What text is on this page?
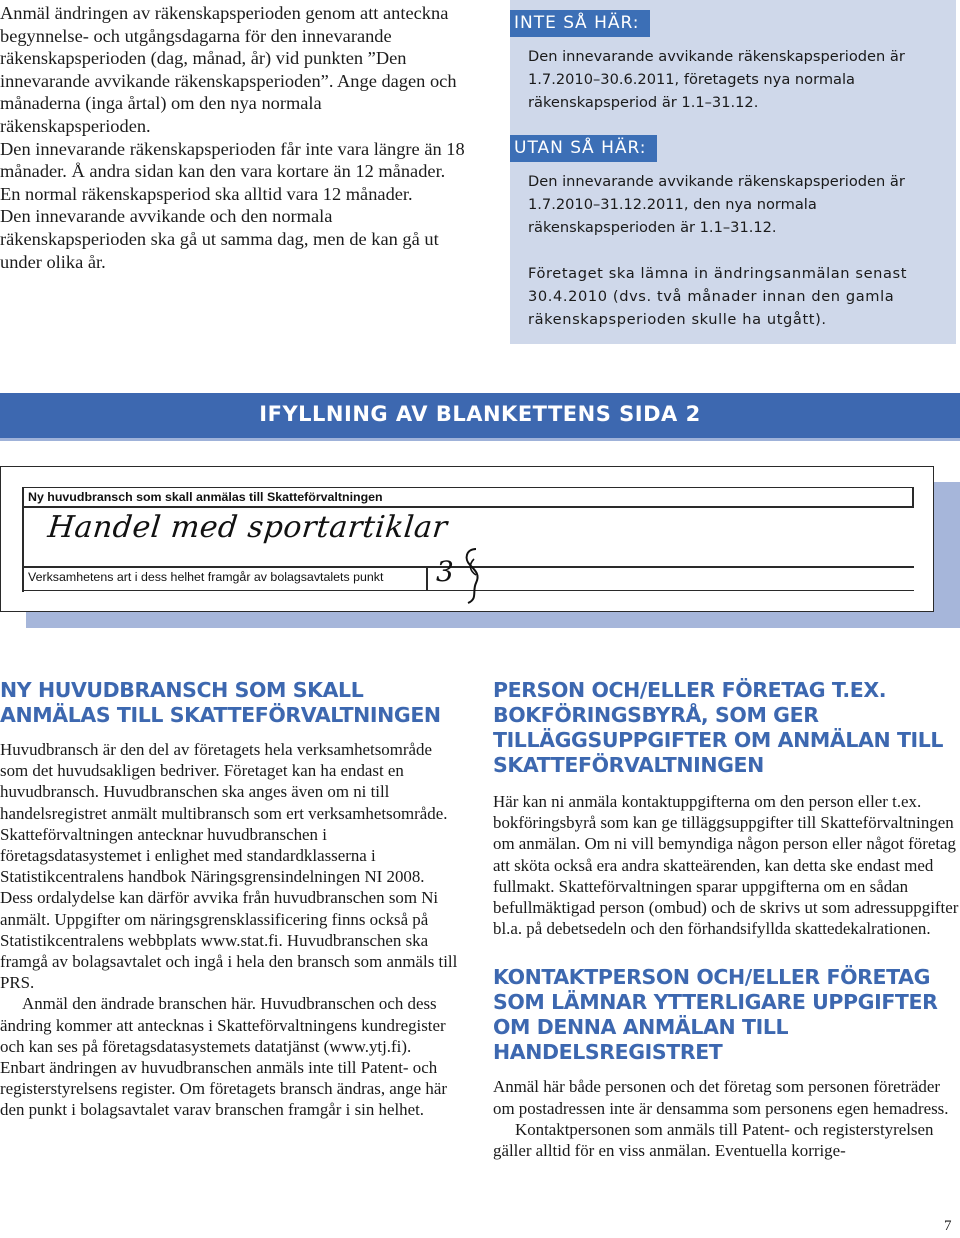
Anmäl ändringen av räkenskapsperioden genom att anteckna begynnelse- och utgångsdagarna för den innevarande räkenskapsperioden (dag, månad, år) vid punkten ”Den innevarande avvikande räkenskapsperioden”. Ange dagen och månaderna (inga årtal) om den nya normala räkenskapsperioden.

Den innevarande räkenskapsperioden får inte vara längre än 18 månader. Å andra sidan kan den vara kortare än 12 månader. En normal räkenskapsperiod ska alltid vara 12 månader.

Den innevarande avvikande och den normala räkenskapsperioden ska gå ut samma dag, men de kan gå ut under olika år.

INTE SÅ HÄR:
Den innevarande avvikande räkenskapsperioden är 1.7.2010–30.6.2011, företagets nya normala räkenskapsperiod är 1.1–31.12.
UTAN SÅ HÄR:
Den innevarande avvikande räkenskapsperioden är 1.7.2010–31.12.2011, den nya normala räkenskapsperioden är 1.1–31.12.
Företaget ska lämna in ändringsanmälan senast 30.4.2010 (dvs. två månader innan den gamla räkenskapsperioden skulle ha utgått).
IFYLLNING AV BLANKETTENS SIDA 2
Ny huvudbransch som skall anmälas till Skatteförvaltningen
Handel med sportartiklar
Verksamhetens art i dess helhet framgår av bolagsavtalets punkt 3
NY HUVUDBRANSCH SOM SKALL ANMÄLAS TILL SKATTEFÖRVALTNINGEN

Huvudbransch är den del av företagets hela verksamhetsområde som det huvudsakligen bedriver. Företaget kan ha endast en huvudbransch. Huvudbranschen ska anges även om ni till handelsregistret anmält multibransch som ert verksamhetsområde. Skatteförvaltningen antecknar huvudbranschen i företagsdatasystemet i enlighet med standardklasserna i Statistikcentralens handbok Näringsgrensindelningen NI 2008. Dess ordalydelse kan därför avvika från huvudbranschen som Ni anmält. Uppgifter om näringsgrensklassificering finns också på Statistikcentralens webbplats www.stat.fi. Huvudbranschen ska framgå av bolagsavtalet och ingå i hela den bransch som anmäls till PRS.

Anmäl den ändrade branschen här. Huvudbranschen och dess ändring kommer att antecknas i Skatteförvaltningens kundregister och kan ses på företagsdatasystemets datatjänst (www.ytj.fi). Enbart ändringen av huvudbranschen anmäls inte till Patent- och registerstyrelsens register. Om företagets bransch ändras, ange här den punkt i bolagsavtalet varav branschen framgår i sin helhet.

PERSON OCH/ELLER FÖRETAG T.EX. BOKFÖRINGSBYRÅ, SOM GER TILLÄGGSUPPGIFTER OM ANMÄLAN TILL SKATTEFÖRVALTNINGEN

Här kan ni anmäla kontaktuppgifterna om den person eller t.ex. bokföringsbyrå som kan ge tilläggsuppgifter till Skatteförvaltningen om anmälan. Om ni vill bemyndiga någon person eller något företag att sköta också era andra skatteärenden, kan detta ske endast med fullmakt. Skatteförvaltningen sparar uppgifterna om en sådan befullmäktigad person (ombud) och de skrivs ut som adressuppgifter bl.a. på debetsedeln och den förhandsifyllda skattedekalrationen.

KONTAKTPERSON OCH/ELLER FÖRETAG SOM LÄMNAR YTTERLIGARE UPPGIFTER OM DENNA ANMÄLAN TILL HANDELSREGISTRET

Anmäl här både personen och det företag som personen företräder om postadressen inte är densamma som personens egen hemadress.

Kontaktpersonen som anmäls till Patent- och registerstyrelsen gäller alltid för en viss anmälan. Eventuella korrige-

7
